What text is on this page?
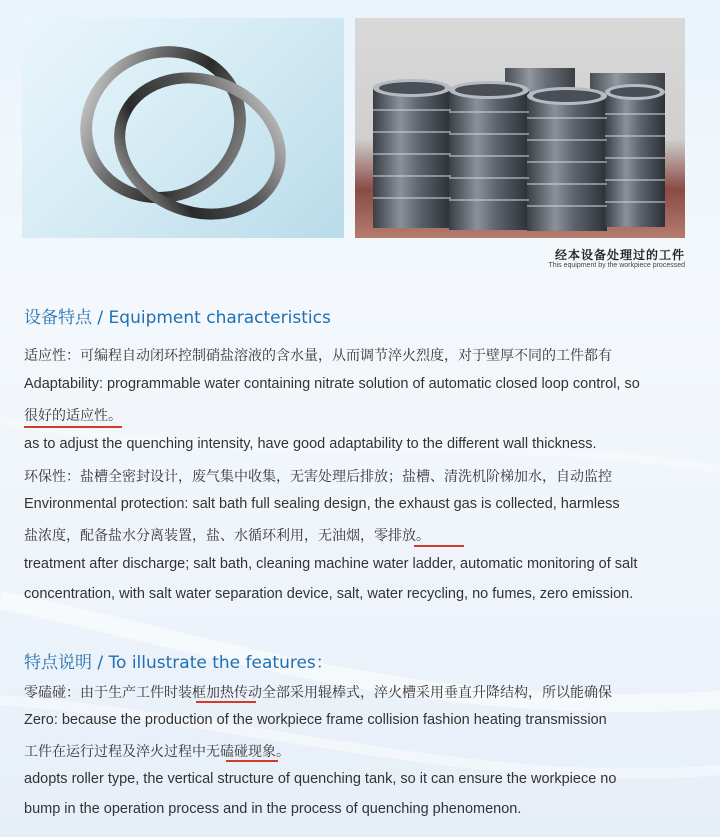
经本设备处理过的工件
This equipment by the workpiece processed
设备特点 / Equipment characteristics
适应性：可编程自动闭环控制硝盐溶液的含水量，从而调节淬火烈度，对于壁厚不同的工件都有
Adaptability: programmable water containing nitrate solution of automatic closed loop control, so
很好的适应性。
as to adjust the quenching intensity, have good adaptability to the different wall thickness.
环保性：盐槽全密封设计，废气集中收集，无害处理后排放；盐槽、清洗机阶梯加水，自动监控
Environmental protection: salt bath full sealing design, the exhaust gas is collected, harmless
盐浓度，配备盐水分离装置，盐、水循环利用，无油烟，零排放。
treatment after discharge; salt bath, cleaning machine water ladder, automatic monitoring of salt
concentration, with salt water separation device, salt, water recycling, no fumes, zero emission.
特点说明 / To illustrate the features：
零磕碰：由于生产工件时装框加热传动全部采用辊棒式，淬火槽采用垂直升降结构，所以能确保
Zero: because the production of the workpiece frame collision fashion heating transmission
工件在运行过程及淬火过程中无磕碰现象。
adopts roller type, the vertical structure of quenching tank, so it can ensure the workpiece no
bump in the operation process and in the process of quenching phenomenon.
